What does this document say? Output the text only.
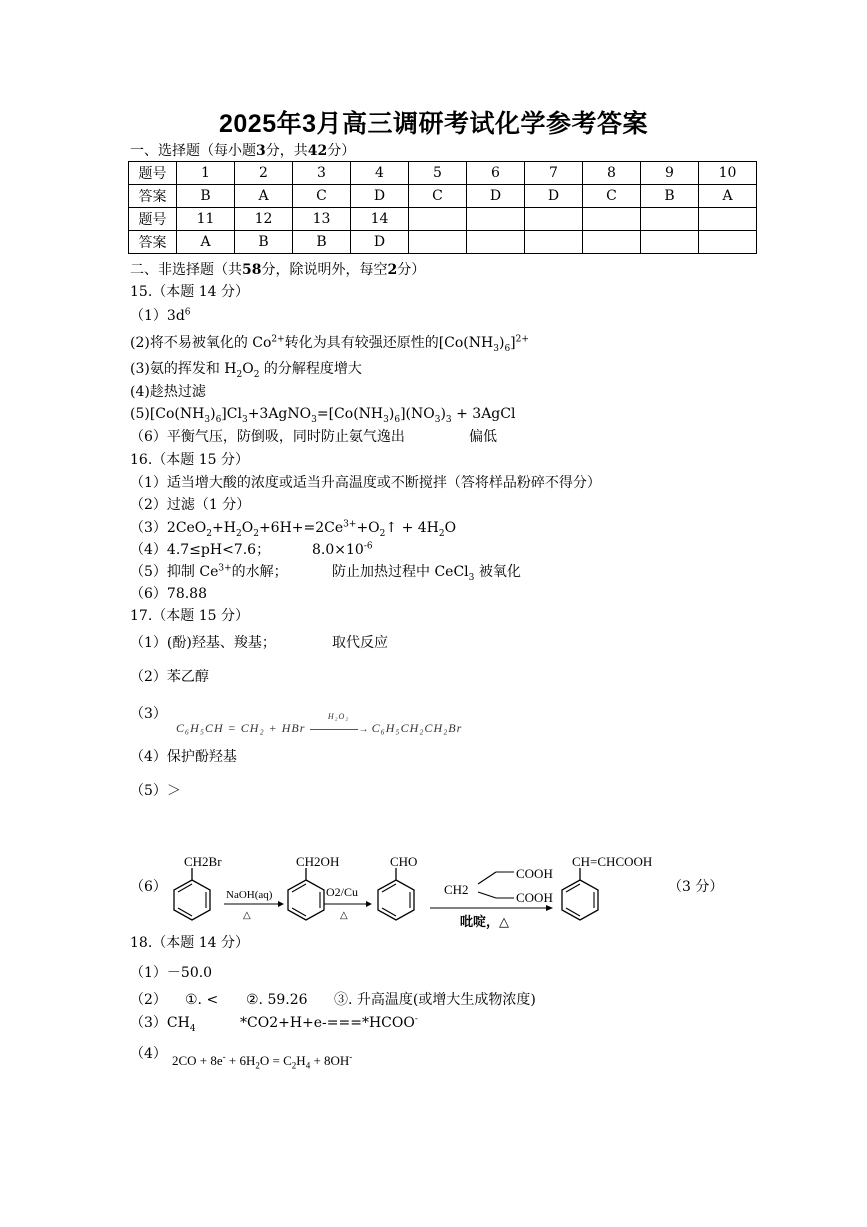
2025年3月高三调研考试化学参考答案
一、选择题（每小题3分，共42分）
题号	1	2	3	4	5	6	7	8	9	10
答案	B	A	C	D	C	D	D	C	B	A
题号	11	12	13	14						
答案	A	B	B	D						
二、非选择题（共58分，除说明外，每空2分）
15.（本题 14 分）
$(1)3d^6$
(2)将不易被氧化的 $Co^{2+}$转化为具有较强还原性的$[Co(NH_3)_6]^{2+}$
(3)氨的挥发和 $H_2O_2$ 的分解程度增大
(4)趁热过滤
$(5)[Co(NH_3)_6]Cl_3+3AgNO_3=[Co(NH_3)_6](NO_3)_3$ + 3AgCl
（6）平衡气压，防倒吸，同时防止氨气逸出	偏低
16.（本题 15 分）
（1）适当增大酸的浓度或适当升高温度或不断搅拌（答将样品粉碎不得分）
（2）过滤（1 分）
$(3)2CeO_2+H_2O_2+6H+=2Ce^{3+}+O_2↑ + 4H_2O$
（4）4.7≤pH<7.6；	$8.0\times 10^{-6}$
（5）抑制 $Ce^{3+}$的水解；	防止加热过程中 CeCl$_3$ 被氧化
（6）78.88
17.（本题 15 分）
（1）(酚)羟基、羧基；	取代反应
（2）苯乙醇
（3）
C₆H₅CH = CH₂ + HBr
H₂O₂
→ C₆H₅CH₂CH₂Br
（4）保护酚羟基
（5）＞
（6）	（3 分）
CH2Br
NaOH(aq)
△
CH2OH
O2/Cu
△
CHO
COOH
CH2
COOH
吡啶，△
CH=CHCOOH
18.（本题 14 分）
（1）－50.0
（2） ①. < ②. 59.26 ③. 升高温度(或增大生成物浓度)
$(3)CH_4$	*CO2+H+e-===*HCOO-
（4） $2CO + 8e^- + 6H_2O = C_2H_4 + 8OH^-$
